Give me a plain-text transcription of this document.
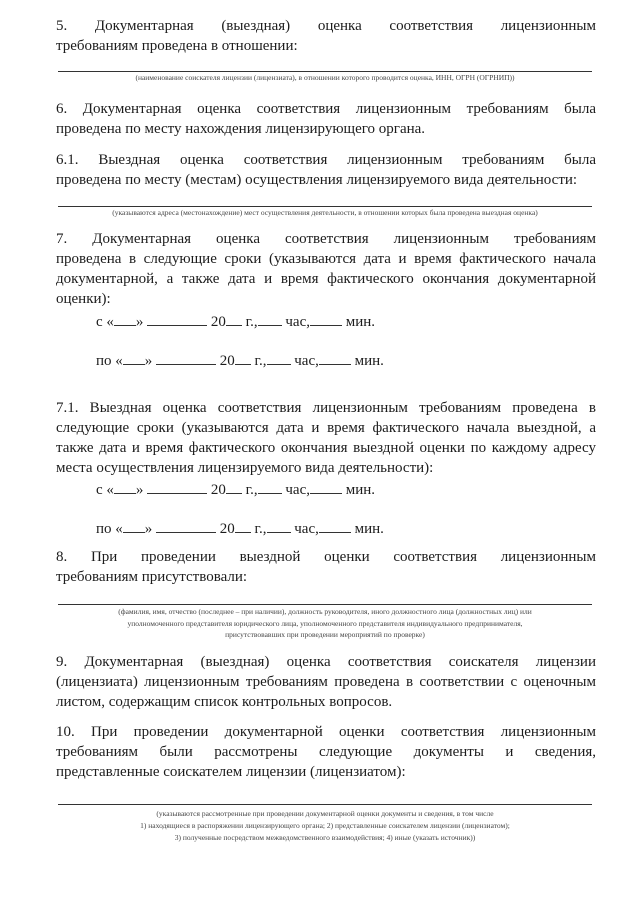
5. Документарная (выездная) оценка соответствия лицензионным
требованиям проведена в отношении:
(наименование соискателя лицензии (лицензиата), в отношении которого проводится оценка, ИНН, ОГРН (ОГРНИП))
6. Документарная оценка соответствия лицензионным требованиям была
проведена по месту нахождения лицензирующего органа.
6.1. Выездная оценка соответствия лицензионным требованиям была
проведена по месту (местам) осуществления лицензируемого вида деятельности:
(указываются адреса (местонахождение) мест осуществления деятельности, в отношении которых была проведена выездная оценка)
7. Документарная оценка соответствия лицензионным требованиям
проведена в следующие сроки (указываются дата и время фактического начала
документарной, а также дата и время фактического окончания документарной
оценки):
с « »	20 г., час, мин.
по « »	20 г., час, мин.
7.1. Выездная оценка соответствия лицензионным требованиям проведена в
следующие сроки (указываются дата и время фактического начала выездной, а
также дата и время фактического окончания выездной оценки по каждому адресу
места осуществления лицензируемого вида деятельности):
с « »	20 г., час, мин.
по « »	20 г., час, мин.
8. При проведении выездной оценки соответствия лицензионным
требованиям присутствовали:
(фамилия, имя, отчество (последнее – при наличии), должность руководителя, иного должностного лица (должностных лиц) или
уполномоченного представителя юридического лица, уполномоченного представителя индивидуального предпринимателя,
присутствовавших при проведении мероприятий по проверке)
9. Документарная (выездная) оценка соответствия соискателя лицензии
(лицензиата) лицензионным требованиям проведена в соответствии с оценочным
листом, содержащим список контрольных вопросов.
10. При проведении документарной оценки соответствия лицензионным
требованиям были рассмотрены следующие документы и сведения,
представленные соискателем лицензии (лицензиатом):
(указываются рассмотренные при проведении документарной оценки документы и сведения, в том числе
1) находящиеся в распоряжении лицензирующего органа; 2) представленные соискателем лицензии (лицензиатом);
3) полученные посредством межведомственного взаимодействия; 4) иные (указать источник))
